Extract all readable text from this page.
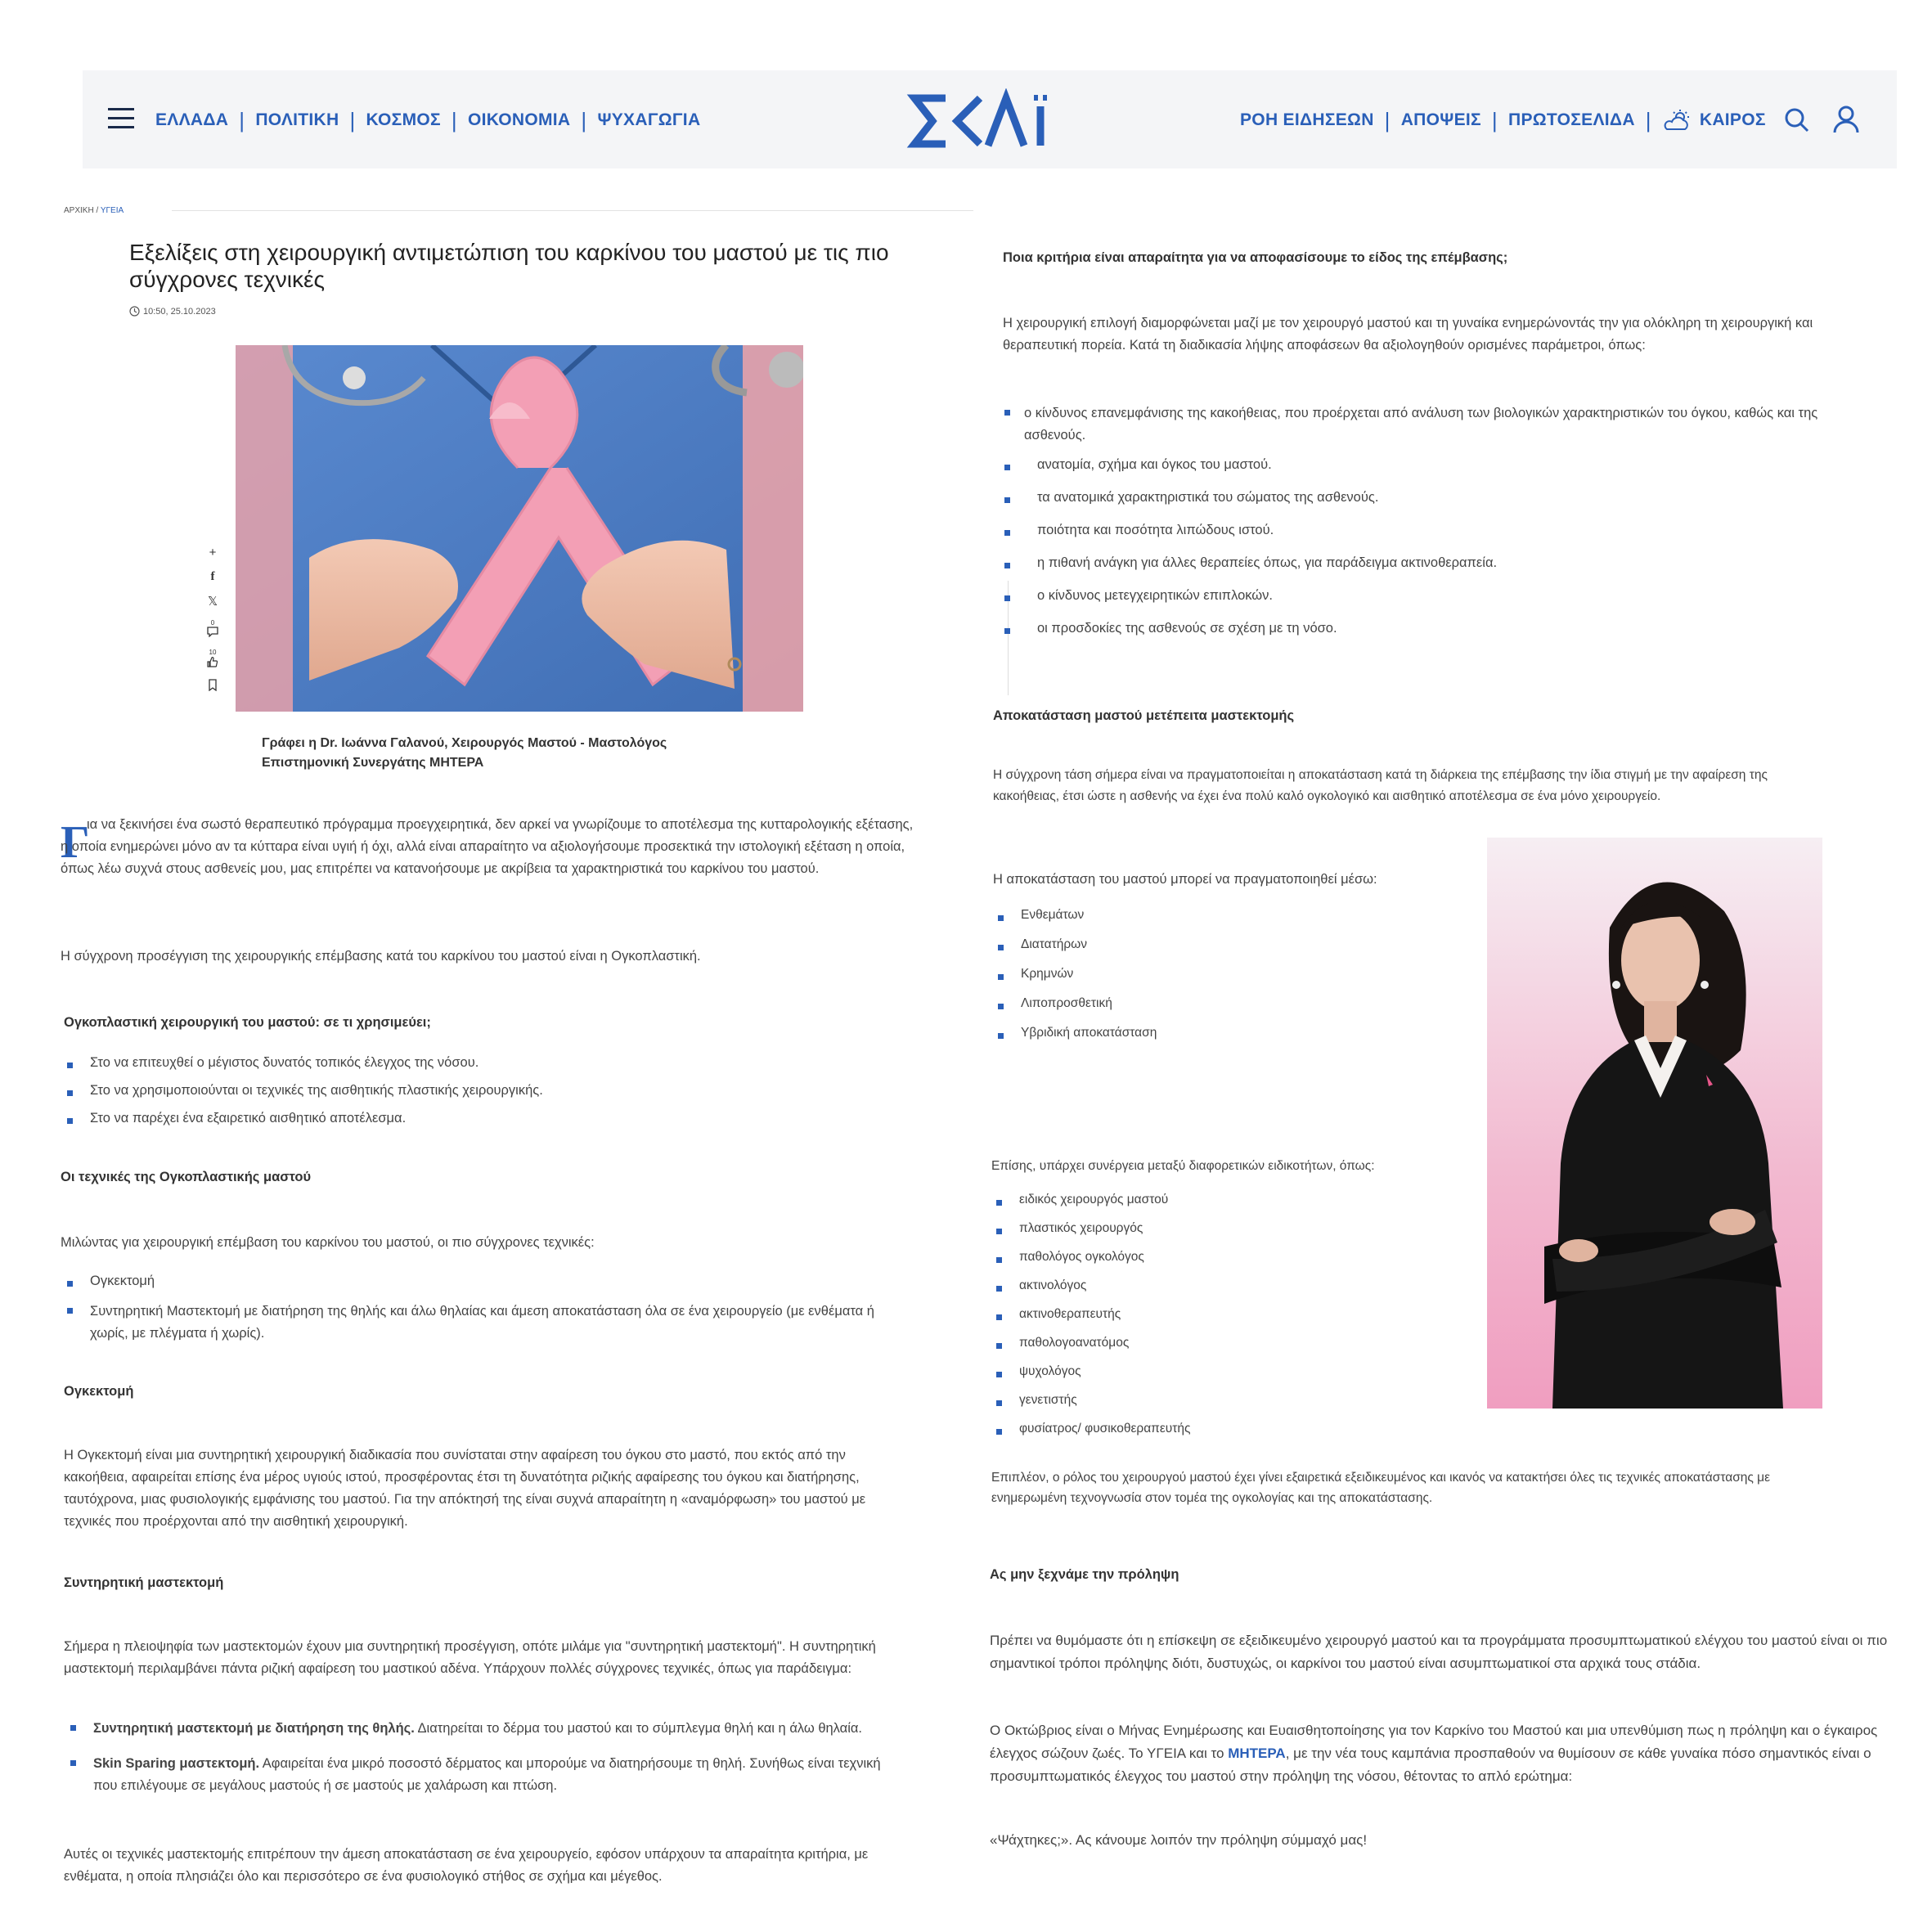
ΕΛΛΑΔΑ | ΠΟΛΙΤΙΚΗ | ΚΟΣΜΟΣ | ΟΙΚΟΝΟΜΙΑ | ΨΥΧΑΓΩΓΙΑ	ΡΟΗ ΕΙΔΗΣΕΩΝ | ΑΠΟΨΕΙΣ | ΠΡΩΤΟΣΕΛΙΔΑ |	ΚΑΙΡΟΣ
ΑΡΧΙΚΗ / ΥΓΕΙΑ
Εξελίξεις στη χειρουργική αντιμετώπιση του καρκίνου του μαστού με τις πιο σύγχρονες τεχνικές
10:50, 25.10.2023
+
f
𝕏
0
10
Γράφει η Dr. Ιωάννα Γαλανού, Χειρουργός Μαστού - Μαστολόγος
Επιστημονική Συνεργάτης ΜΗΤΕΡΑ
Γ
ια να ξεκινήσει ένα σωστό θεραπευτικό πρόγραμμα προεγχειρητικά, δεν αρκεί να γνωρίζουμε το αποτέλεσμα της κυτταρολογικής εξέτασης, η οποία ενημερώνει μόνο αν τα κύτταρα είναι υγιή ή όχι, αλλά είναι απαραίτητο να αξιολογήσουμε προσεκτικά την ιστολογική εξέταση η οποία, όπως λέω συχνά στους ασθενείς μου, μας επιτρέπει να κατανοήσουμε με ακρίβεια τα χαρακτηριστικά του καρκίνου του μαστού.
Η σύγχρονη προσέγγιση της χειρουργικής επέμβασης κατά του καρκίνου του μαστού είναι η Ογκοπλαστική.
Ογκοπλαστική χειρουργική του μαστού: σε τι χρησιμεύει;
Στο να επιτευχθεί ο μέγιστος δυνατός τοπικός έλεγχος της νόσου.
Στο να χρησιμοποιούνται οι τεχνικές της αισθητικής πλαστικής χειρουργικής.
Στο να παρέχει ένα εξαιρετικό αισθητικό αποτέλεσμα.
Οι τεχνικές της Ογκοπλαστικής μαστού
Μιλώντας για χειρουργική επέμβαση του καρκίνου του μαστού, οι πιο σύγχρονες τεχνικές:
Ογκεκτομή
Συντηρητική Μαστεκτομή με διατήρηση της θηλής και άλω θηλαίας και άμεση αποκατάσταση όλα σε ένα χειρουργείο (με ενθέματα ή χωρίς, με πλέγματα ή χωρίς).
Ογκεκτομή
Η Ογκεκτομή είναι μια συντηρητική χειρουργική διαδικασία που συνίσταται στην αφαίρεση του όγκου στο μαστό, που εκτός από την κακοήθεια, αφαιρείται επίσης ένα μέρος υγιούς ιστού, προσφέροντας έτσι τη δυνατότητα ριζικής αφαίρεσης του όγκου και διατήρησης, ταυτόχρονα, μιας φυσιολογικής εμφάνισης του μαστού. Για την απόκτησή της είναι συχνά απαραίτητη η «αναμόρφωση» του μαστού με τεχνικές που προέρχονται από την αισθητική χειρουργική.
Συντηρητική μαστεκτομή
Σήμερα η πλειοψηφία των μαστεκτομών έχουν μια συντηρητική προσέγγιση, οπότε μιλάμε για "συντηρητική μαστεκτομή". Η συντηρητική μαστεκτομή περιλαμβάνει πάντα ριζική αφαίρεση του μαστικού αδένα. Υπάρχουν πολλές σύγχρονες τεχνικές, όπως για παράδειγμα:
Συντηρητική μαστεκτομή με διατήρηση της θηλής. Διατηρείται το δέρμα του μαστού και το σύμπλεγμα θηλή και η άλω θηλαία.
Skin Sparing μαστεκτομή. Αφαιρείται ένα μικρό ποσοστό δέρματος και μπορούμε να διατηρήσουμε τη θηλή. Συνήθως είναι τεχνική που επιλέγουμε σε μεγάλους μαστούς ή σε μαστούς με χαλάρωση και πτώση.
Αυτές οι τεχνικές μαστεκτομής επιτρέπουν την άμεση αποκατάσταση σε ένα χειρουργείο, εφόσον υπάρχουν τα απαραίτητα κριτήρια, με ενθέματα, η οποία πλησιάζει όλο και περισσότερο σε ένα φυσιολογικό στήθος σε σχήμα και μέγεθος.
Ποια κριτήρια είναι απαραίτητα για να αποφασίσουμε το είδος της επέμβασης;
Η χειρουργική επιλογή διαμορφώνεται μαζί με τον χειρουργό μαστού και τη γυναίκα ενημερώνοντάς την για ολόκληρη τη χειρουργική και θεραπευτική πορεία. Κατά τη διαδικασία λήψης αποφάσεων θα αξιολογηθούν ορισμένες παράμετροι, όπως:
ο κίνδυνος επανεμφάνισης της κακοήθειας, που προέρχεται από ανάλυση των βιολογικών χαρακτηριστικών του όγκου, καθώς και της ασθενούς.
ανατομία, σχήμα και όγκος του μαστού.
τα ανατομικά χαρακτηριστικά του σώματος της ασθενούς.
ποιότητα και ποσότητα λιπώδους ιστού.
η πιθανή ανάγκη για άλλες θεραπείες όπως, για παράδειγμα ακτινοθεραπεία.
ο κίνδυνος μετεγχειρητικών επιπλοκών.
οι προσδοκίες της ασθενούς σε σχέση με τη νόσο.
Αποκατάσταση μαστού μετέπειτα μαστεκτομής
Η σύγχρονη τάση σήμερα είναι να πραγματοποιείται η αποκατάσταση κατά τη διάρκεια της επέμβασης την ίδια στιγμή με την αφαίρεση της κακοήθειας, έτσι ώστε η ασθενής να έχει ένα πολύ καλό ογκολογικό και αισθητικό αποτέλεσμα σε ένα μόνο χειρουργείο.
Η αποκατάσταση του μαστού μπορεί να πραγματοποιηθεί μέσω:
Ενθεμάτων
Διατατήρων
Κρημνών
Λιποπροσθετική
Υβριδική αποκατάσταση
Επίσης, υπάρχει συνέργεια μεταξύ διαφορετικών ειδικοτήτων, όπως:
ειδικός χειρουργός μαστού
πλαστικός χειρουργός
παθολόγος ογκολόγος
ακτινολόγος
ακτινοθεραπευτής
παθολογοανατόμος
ψυχολόγος
γενετιστής
φυσίατρος/ φυσικοθεραπευτής
Επιπλέον, ο ρόλος του χειρουργού μαστού έχει γίνει εξαιρετικά εξειδικευμένος και ικανός να κατακτήσει όλες τις τεχνικές αποκατάστασης με ενημερωμένη τεχνογνωσία στον τομέα της ογκολογίας και της αποκατάστασης.
Ας μην ξεχνάμε την πρόληψη
Πρέπει να θυμόμαστε ότι η επίσκεψη σε εξειδικευμένο χειρουργό μαστού και τα προγράμματα προσυμπτωματικού ελέγχου του μαστού είναι οι πιο σημαντικοί τρόποι πρόληψης διότι, δυστυχώς, οι καρκίνοι του μαστού είναι ασυμπτωματικοί στα αρχικά τους στάδια.
Ο Οκτώβριος είναι ο Μήνας Ενημέρωσης και Ευαισθητοποίησης για τον Καρκίνο του Μαστού και μια υπενθύμιση πως η πρόληψη και ο έγκαιρος έλεγχος σώζουν ζωές. Το ΥΓΕΙΑ και το ΜΗΤΕΡΑ, με την νέα τους καμπάνια προσπαθούν να θυμίσουν σε κάθε γυναίκα πόσο σημαντικός είναι ο προσυμπτωματικός έλεγχος του μαστού στην πρόληψη της νόσου, θέτοντας το απλό ερώτημα:
«Ψάχτηκες;». Ας κάνουμε λοιπόν την πρόληψη σύμμαχό μας!
